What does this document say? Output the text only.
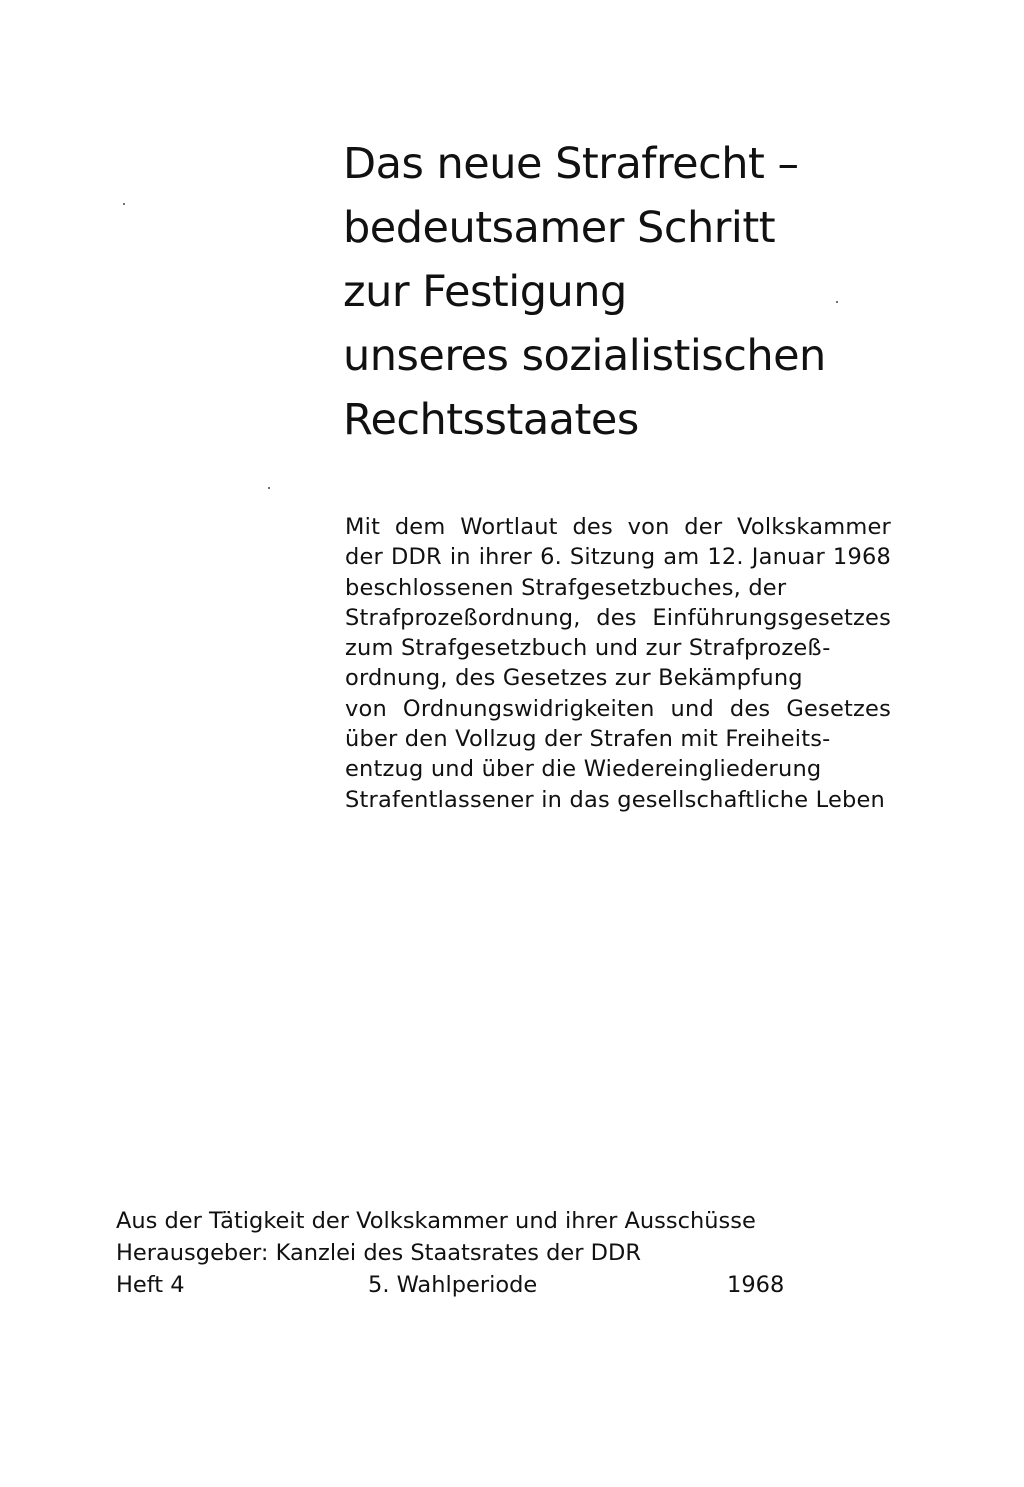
Das neue Strafrecht –
bedeutsamer Schritt
zur Festigung
unseres sozialistischen
Rechtsstaates

Mit dem Wortlaut des von der Volkskammer
der DDR in ihrer 6. Sitzung am 12. Januar 1968
beschlossenen Strafgesetzbuches, der
Strafprozeßordnung, des Einführungsgesetzes
zum Strafgesetzbuch und zur Strafprozeß-
ordnung, des Gesetzes zur Bekämpfung
von Ordnungswidrigkeiten und des Gesetzes
über den Vollzug der Strafen mit Freiheits-
entzug und über die Wiedereingliederung
Strafentlassener in das gesellschaftliche Leben

Aus der Tätigkeit der Volkskammer und ihrer Ausschüsse
Herausgeber: Kanzlei des Staatsrates der DDR
Heft 4	5. Wahlperiode	1968
